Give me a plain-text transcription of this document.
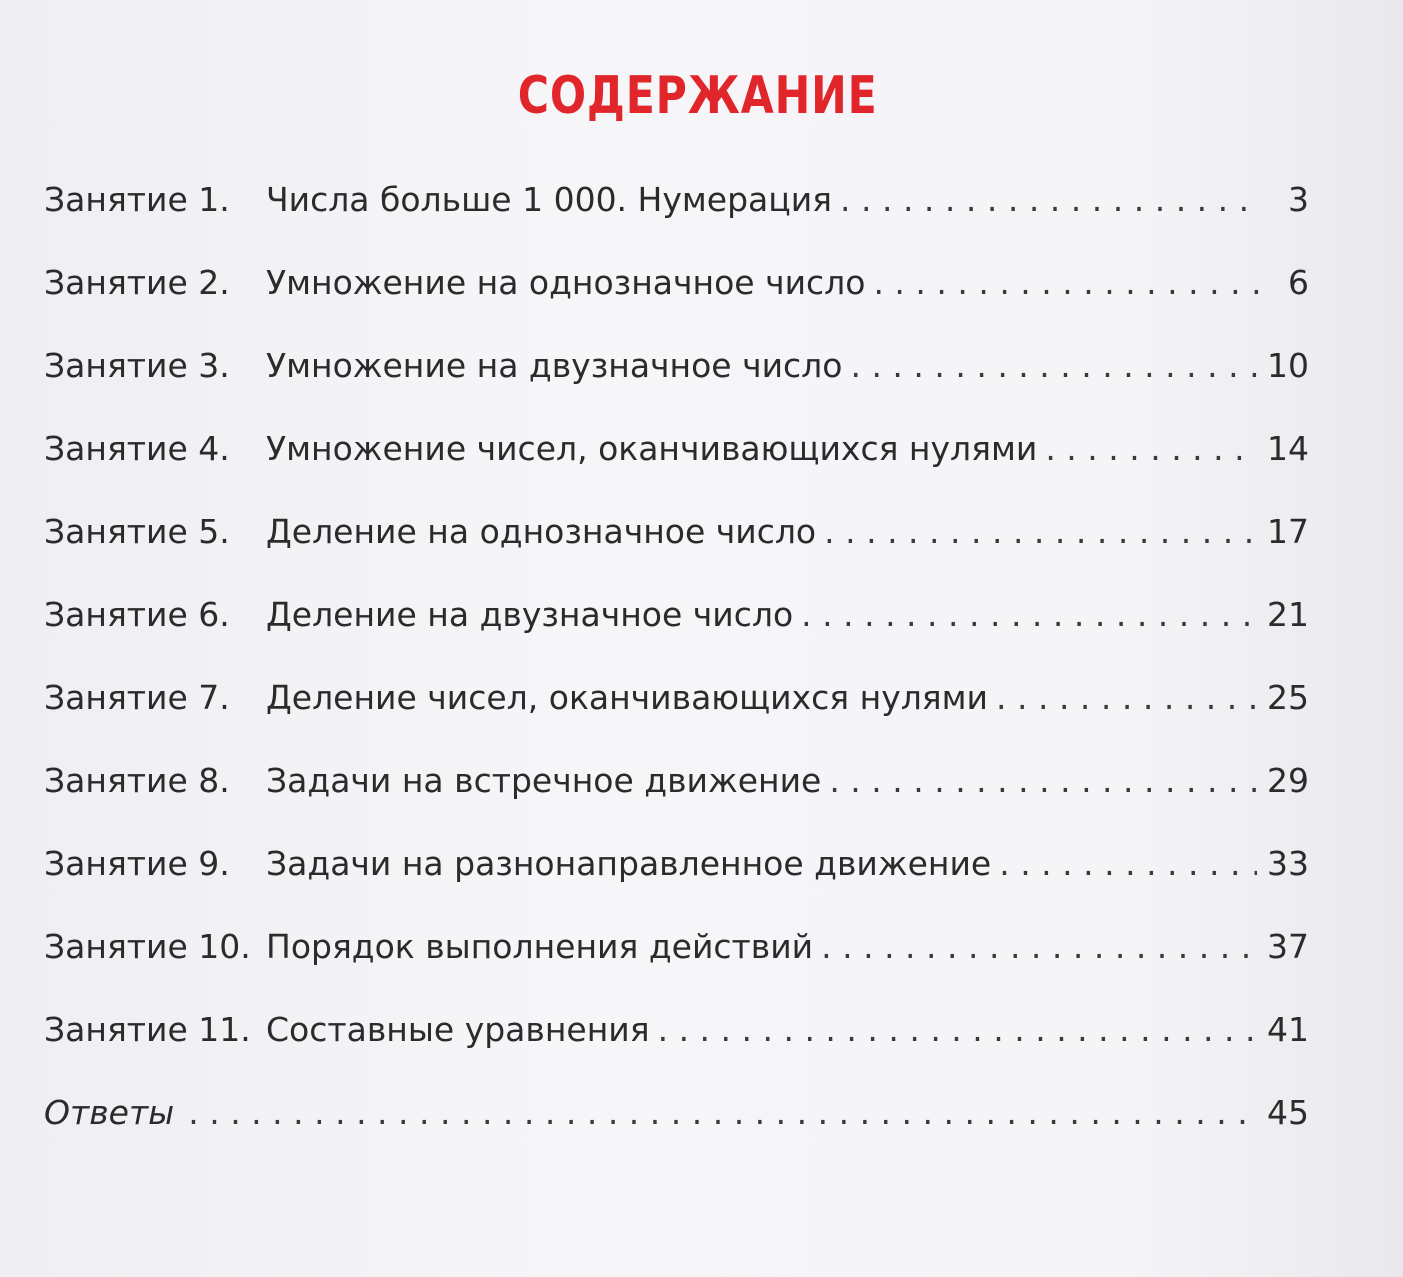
СОДЕРЖАНИЕ
Занятие 1.	Числа больше 1 000. Нумерация . . .	3
Занятие 2.	Умножение на однозначное число . . .	6
Занятие 3.	Умножение на двузначное число . . .	10
Занятие 4.	Умножение чисел, оканчивающихся нулями . . .	14
Занятие 5.	Деление на однозначное число . . .	17
Занятие 6.	Деление на двузначное число . . .	21
Занятие 7.	Деление чисел, оканчивающихся нулями . . .	25
Занятие 8.	Задачи на встречное движение . . .	29
Занятие 9.	Задачи на разнонаправленное движение . . .	33
Занятие 10. Порядок выполнения действий . . .	37
Занятие 11. Составные уравнения . . .	41
Ответы . . .	45
